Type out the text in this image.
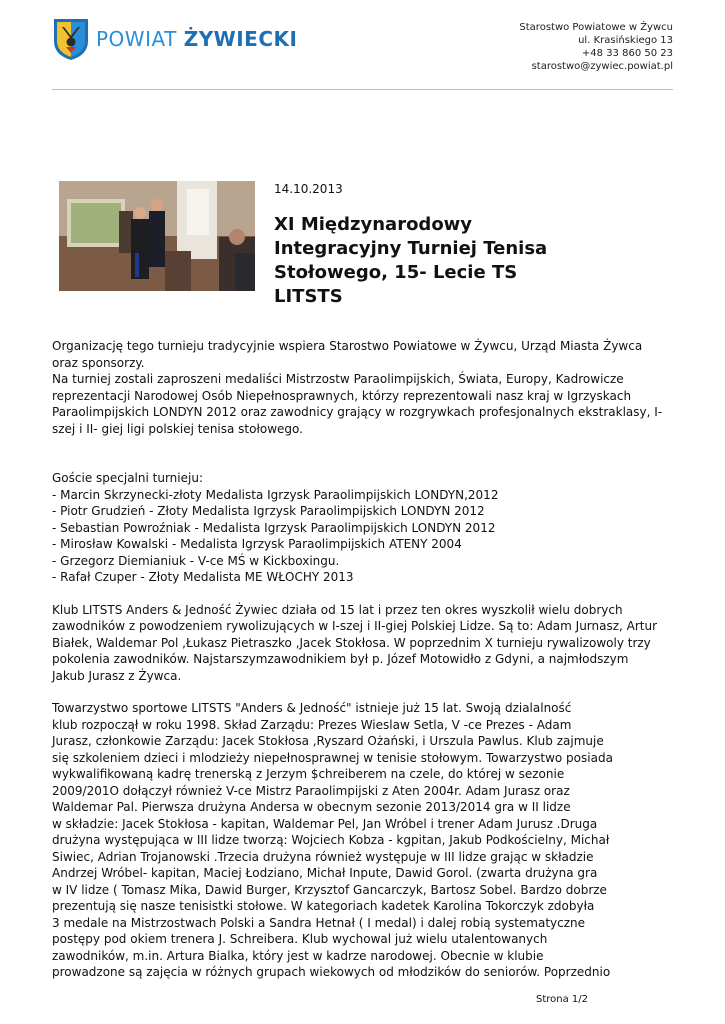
POWIAT ŻYWIECKI	Starostwo Powiatowe w Żywcu
ul. Krasińskiego 13
+48 33 860 50 23
starostwo@zywiec.powiat.pl
14.10.2013
XI Międzynarodowy Integracyjny Turniej Tenisa Stołowego, 15- Lecie TS LITSTS

Organizację tego turnieju tradycyjnie wspiera Starostwo Powiatowe w Żywcu, Urząd Miasta Żywca
oraz sponsorzy.
Na turniej zostali zaproszeni medaliści Mistrzostw Paraolimpijskich, Świata, Europy, Kadrowicze
reprezentacji Narodowej Osób Niepełnosprawnych, którzy reprezentowali nasz kraj w Igrzyskach
Paraolimpijskich LONDYN 2012 oraz zawodnicy grający w rozgrywkach profesjonalnych ekstraklasy, I-
szej i II- giej ligi polskiej tenisa stołowego.

Goście specjalni turnieju:
- Marcin Skrzynecki-złoty Medalista Igrzysk Paraolimpijskich LONDYN,2012
- Piotr Grudzień - Złoty Medalista Igrzysk Paraolimpijskich LONDYN 2012
- Sebastian Powroźniak - Medalista Igrzysk Paraolimpijskich LONDYN 2012
- Mirosław Kowalski - Medalista Igrzysk Paraolimpijskich ATENY 2004
- Grzegorz Diemianiuk - V-ce MŚ w Kickboxingu.
- Rafał Czuper - Złoty Medalista ME WŁOCHY 2013

Klub LITSTS Anders & Jedność Żywiec działa od 15 lat i przez ten okres wyszkolił wielu dobrych
zawodników z powodzeniem rywolizujących w I-szej i II-giej Polskiej Lidze. Są to: Adam Jurnasz, Artur
Białek, Waldemar Pol ,Łukasz Pietraszko ,Jacek Stokłosa. W poprzednim X turnieju rywalizowoly trzy
pokolenia zawodników. Najstarszymzawodnikiem był p. Józef Motowidło z Gdyni, a najmłodszym
Jakub Jurasz z Żywca.

Towarzystwo sportowe LITSTS "Anders & Jedność" istnieje już 15 lat. Swoją dzialalność
klub rozpoczął w roku 1998. Skład Zarządu: Prezes Wieslaw Setla, V -ce Prezes - Adam
Jurasz, członkowie Zarządu: Jacek Stokłosa ,Ryszard Ożański, i Urszula Pawlus. Klub zajmuje
się szkoleniem dzieci i mlodzieży niepełnosprawnej w tenisie stołowym. Towarzystwo posiada
wykwalifikowaną kadrę trenerską z Jerzym $chreiberem na czele, do której w sezonie
2009/201O dołączył również V-ce Mistrz Paraolimpijski z Aten 2004r. Adam Jurasz oraz
Waldemar Pal. Pierwsza drużyna Andersa w obecnym sezonie 2013/2014 gra w II lidze
w składzie: Jacek Stokłosa - kapitan, Waldemar Pel, Jan Wróbel i trener Adam Jurusz .Druga
drużyna występująca w III lidze tworzą: Wojciech Kobza - kgpitan, Jakub Podkościelny, Michał
Siwiec, Adrian Trojanowski .Trzecia drużyna również występuje w III lidze grając w składzie
Andrzej Wróbel- kapitan, Maciej Łodziano, Michał Inpute, Dawid Gorol. (zwarta drużyna gra
w IV lidze ( Tomasz Mika, Dawid Burger, Krzysztof Gancarczyk, Bartosz Sobel. Bardzo dobrze
prezentują się nasze tenisistki stołowe. W kategoriach kadetek Karolina Tokorczyk zdobyła
3 medale na Mistrzostwach Polski a Sandra Hetnał ( I medal) i dalej robią systematyczne
postępy pod okiem trenera J. Schreibera. Klub wychowal już wielu utalentowanych
zawodników, m.in. Artura Bialka, który jest w kadrze narodowej. Obecnie w klubie
prowadzone są zajęcia w różnych grupach wiekowych od młodzików do seniorów. Poprzednio

Strona 1/2
